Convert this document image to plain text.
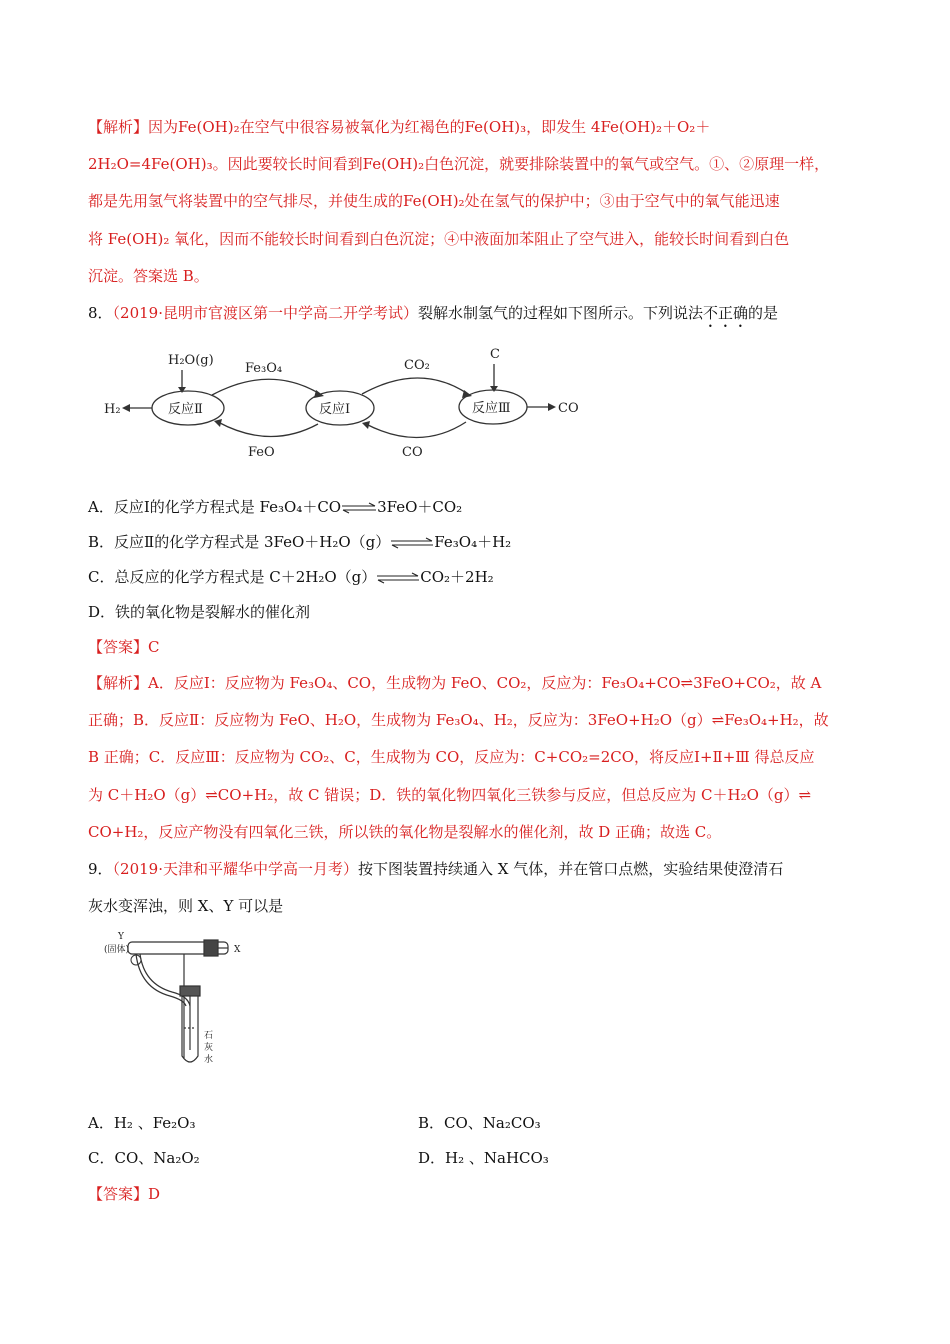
【解析】因为Fe(OH)₂在空气中很容易被氧化为红褐色的Fe(OH)₃，即发生 4Fe(OH)₂＋O₂＋
2H₂O=4Fe(OH)₃。因此要较长时间看到Fe(OH)₂白色沉淀，就要排除装置中的氧气或空气。①、②原理一样，
都是先用氢气将装置中的空气排尽，并使生成的Fe(OH)₂处在氢气的保护中；③由于空气中的氧气能迅速
将 Fe(OH)₂ 氧化，因而不能较长时间看到白色沉淀；④中液面加苯阻止了空气进入，能较长时间看到白色
沉淀。答案选 B。
8．（2019·昆明市官渡区第一中学高二开学考试）裂解水制氢气的过程如下图所示。下列说法不正确的是
H₂O(g)
Fe₃O₄	CO₂
C
H₂	反应Ⅱ	反应Ⅰ	反应Ⅲ	CO
FeO	CO
A．反应Ⅰ的化学方程式是 Fe₃O₄＋CO⇌3FeO＋CO₂
B．反应Ⅱ的化学方程式是 3FeO＋H₂O（g）⇌Fe₃O₄＋H₂
C．总反应的化学方程式是 C＋2H₂O（g）⇌CO₂＋2H₂
D．铁的氧化物是裂解水的催化剂
【答案】C
【解析】A．反应Ⅰ：反应物为 Fe₃O₄、CO，生成物为 FeO、CO₂，反应为：Fe₃O₄+CO⇌3FeO+CO₂，故 A
正确；B．反应Ⅱ：反应物为 FeO、H₂O，生成物为 Fe₃O₄、H₂，反应为：3FeO+H₂O（g）⇌Fe₃O₄+H₂，故
B 正确；C．反应Ⅲ：反应物为 CO₂、C，生成物为 CO，反应为：C+CO₂=2CO，将反应Ⅰ+Ⅱ+Ⅲ 得总反应
为 C＋H₂O（g）⇌CO+H₂，故 C 错误；D．铁的氧化物四氧化三铁参与反应，但总反应为 C＋H₂O（g）⇌
CO+H₂，反应产物没有四氧化三铁，所以铁的氧化物是裂解水的催化剂，故 D 正确；故选 C。
9．（2019·天津和平耀华中学高一月考）按下图装置持续通入 X 气体，并在管口点燃，实验结果使澄清石
灰水变浑浊，则 X、Y 可以是
Y
(固体)	X
石
灰
水
A．H₂ 、Fe₂O₃	B．CO、Na₂CO₃
C．CO、Na₂O₂	D．H₂ 、NaHCO₃
【答案】D
